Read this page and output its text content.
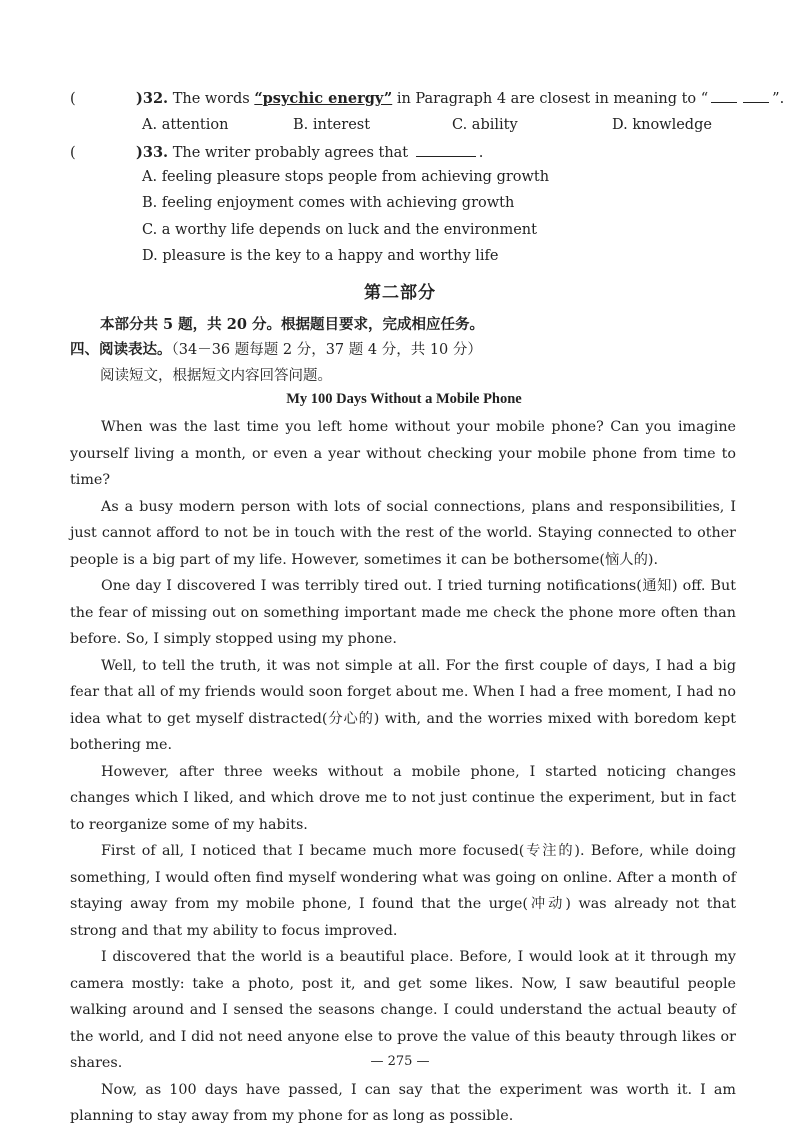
(	)32. The words “psychic energy” in Paragraph 4 are closest in meaning to “	”.
A. attention	B. interest	C. ability	D. knowledge
(	)33. The writer probably agrees that	.
A. feeling pleasure stops people from achieving growth
B. feeling enjoyment comes with achieving growth
C. a worthy life depends on luck and the environment
D. pleasure is the key to a happy and worthy life
第二部分
本部分共 5 题，共 20 分。根据题目要求，完成相应任务。
四、阅读表达。（34－36 题每题 2 分，37 题 4 分，共 10 分）
阅读短文，根据短文内容回答问题。
My 100 Days Without a Mobile Phone

When was the last time you left home without your mobile phone? Can you imagine yourself living a month, or even a year without checking your mobile phone from time to time?

As a busy modern person with lots of social connections, plans and responsibilities, I just cannot afford to not be in touch with the rest of the world. Staying connected to other people is a big part of my life. However, sometimes it can be bothersome(恼人的).

One day I discovered I was terribly tired out. I tried turning notifications(通知) off. But the fear of missing out on something important made me check the phone more often than before. So, I simply stopped using my phone.

Well, to tell the truth, it was not simple at all. For the first couple of days, I had a big fear that all of my friends would soon forget about me. When I had a free moment, I had no idea what to get myself distracted(分心的) with, and the worries mixed with boredom kept bothering me.

However, after three weeks without a mobile phone, I started noticing changes changes which I liked, and which drove me to not just continue the experiment, but in fact to reorganize some of my habits.

First of all, I noticed that I became much more focused(专注的). Before, while doing something, I would often find myself wondering what was going on online. After a month of staying away from my mobile phone, I found that the urge(冲动) was already not that strong and that my ability to focus improved.

I discovered that the world is a beautiful place. Before, I would look at it through my camera mostly: take a photo, post it, and get some likes. Now, I saw beautiful people walking around and I sensed the seasons change. I could understand the actual beauty of the world, and I did not need anyone else to prove the value of this beauty through likes or shares.

Now, as 100 days have passed, I can say that the experiment was worth it. I am planning to stay away from my phone for as long as possible.

— 275 —
